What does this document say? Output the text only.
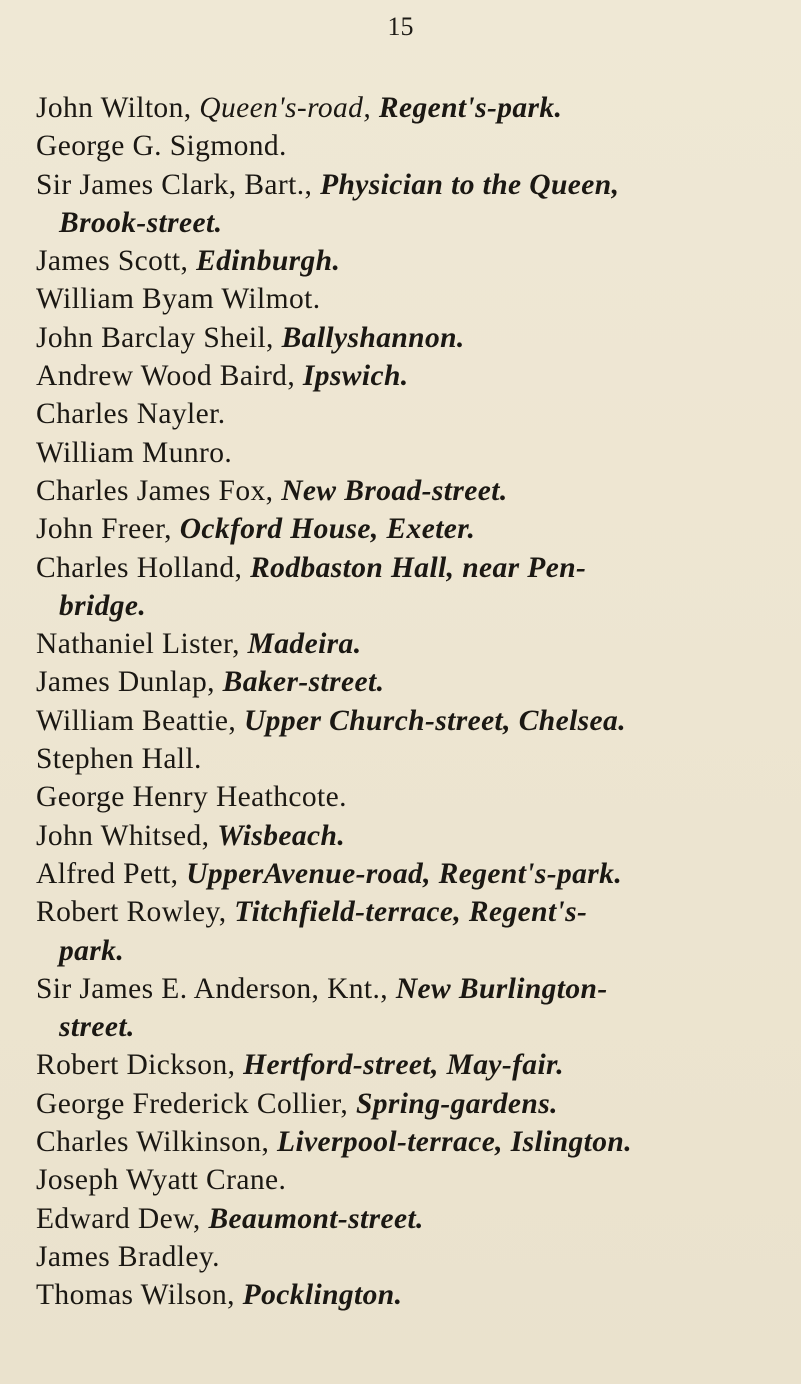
15
John Wilton, Queen's-road, Regent's-park.
George G. Sigmond.
Sir James Clark, Bart., Physician to the Queen,
Brook-street.
James Scott, Edinburgh.
William Byam Wilmot.
John Barclay Sheil, Ballyshannon.
Andrew Wood Baird, Ipswich.
Charles Nayler.
William Munro.
Charles James Fox, New Broad-street.
John Freer, Ockford House, Exeter.
Charles Holland, Rodbaston Hall, near Pen-
bridge.
Nathaniel Lister, Madeira.
James Dunlap, Baker-street.
William Beattie, Upper Church-street, Chelsea.
Stephen Hall.
George Henry Heathcote.
John Whitsed, Wisbeach.
Alfred Pett, UpperAvenue-road, Regent's-park.
Robert Rowley, Titchfield-terrace, Regent's-
park.
Sir James E. Anderson, Knt., New Burlington-
street.
Robert Dickson, Hertford-street, May-fair.
George Frederick Collier, Spring-gardens.
Charles Wilkinson, Liverpool-terrace, Islington.
Joseph Wyatt Crane.
Edward Dew, Beaumont-street.
James Bradley.
Thomas Wilson, Pocklington.
